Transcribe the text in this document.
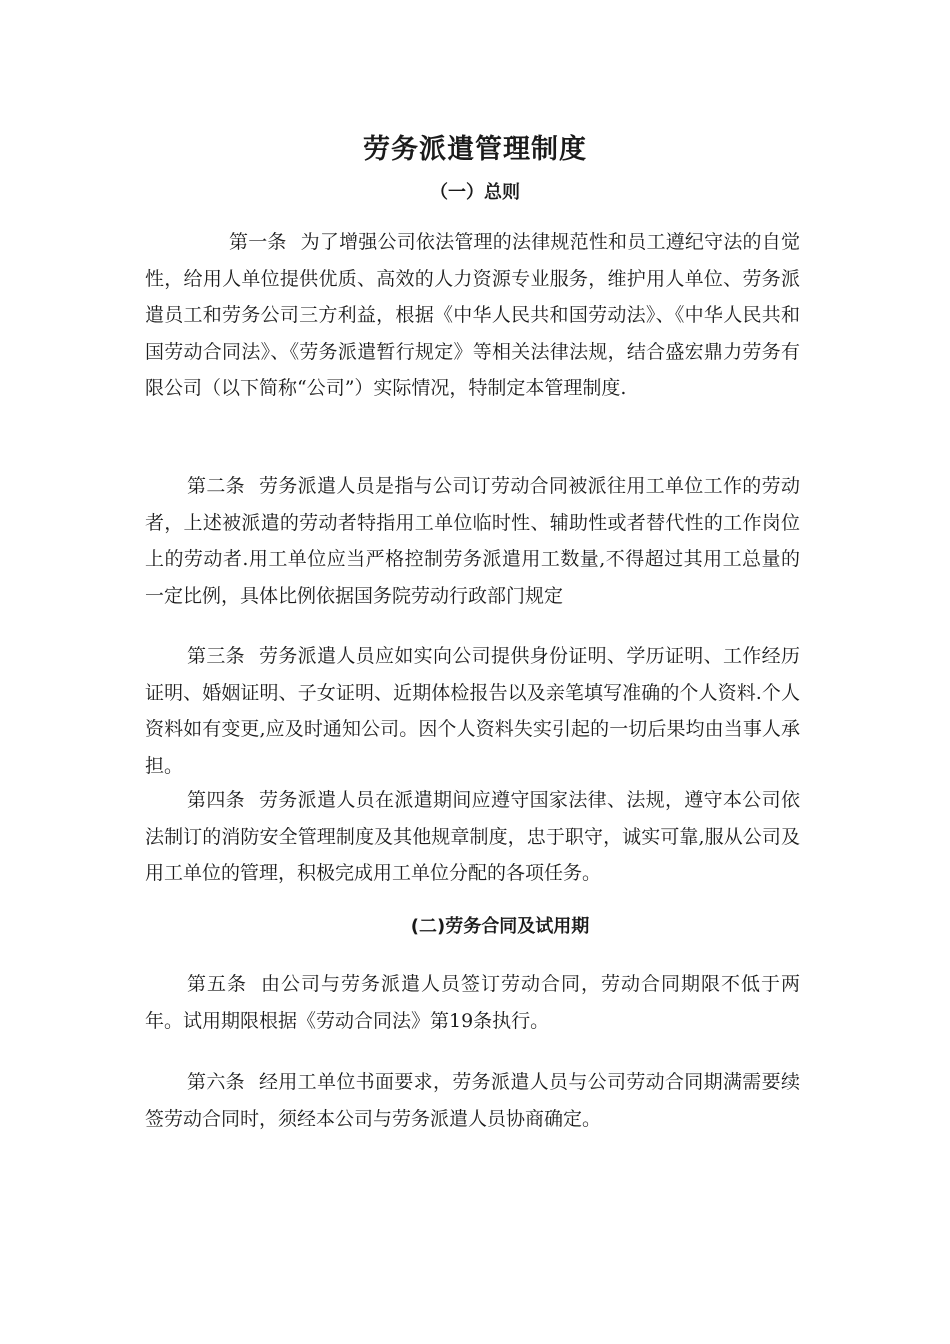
劳务派遣管理制度
（一）总则

第一条 为了增强公司依法管理的法律规范性和员工遵纪守法的自觉性，给用人单位提供优质、高效的人力资源专业服务，维护用人单位、劳务派遣员工和劳务公司三方利益，根据《中华人民共和国劳动法》、《中华人民共和国劳动合同法》、《劳务派遣暂行规定》等相关法律法规，结合盛宏鼎力劳务有限公司（以下简称“公司”）实际情况，特制定本管理制度.

第二条 劳务派遣人员是指与公司订劳动合同被派往用工单位工作的劳动者，上述被派遣的劳动者特指用工单位临时性、辅助性或者替代性的工作岗位上的劳动者.用工单位应当严格控制劳务派遣用工数量,不得超过其用工总量的一定比例，具体比例依据国务院劳动行政部门规定

第三条 劳务派遣人员应如实向公司提供身份证明、学历证明、工作经历证明、婚姻证明、子女证明、近期体检报告以及亲笔填写准确的个人资料.个人资料如有变更,应及时通知公司。因个人资料失实引起的一切后果均由当事人承担。

第四条 劳务派遣人员在派遣期间应遵守国家法律、法规，遵守本公司依法制订的消防安全管理制度及其他规章制度，忠于职守，诚实可靠,服从公司及用工单位的管理，积极完成用工单位分配的各项任务。

(二)劳务合同及试用期

第五条 由公司与劳务派遣人员签订劳动合同，劳动合同期限不低于两年。试用期限根据《劳动合同法》第19条执行。

第六条 经用工单位书面要求，劳务派遣人员与公司劳动合同期满需要续签劳动合同时，须经本公司与劳务派遣人员协商确定。
